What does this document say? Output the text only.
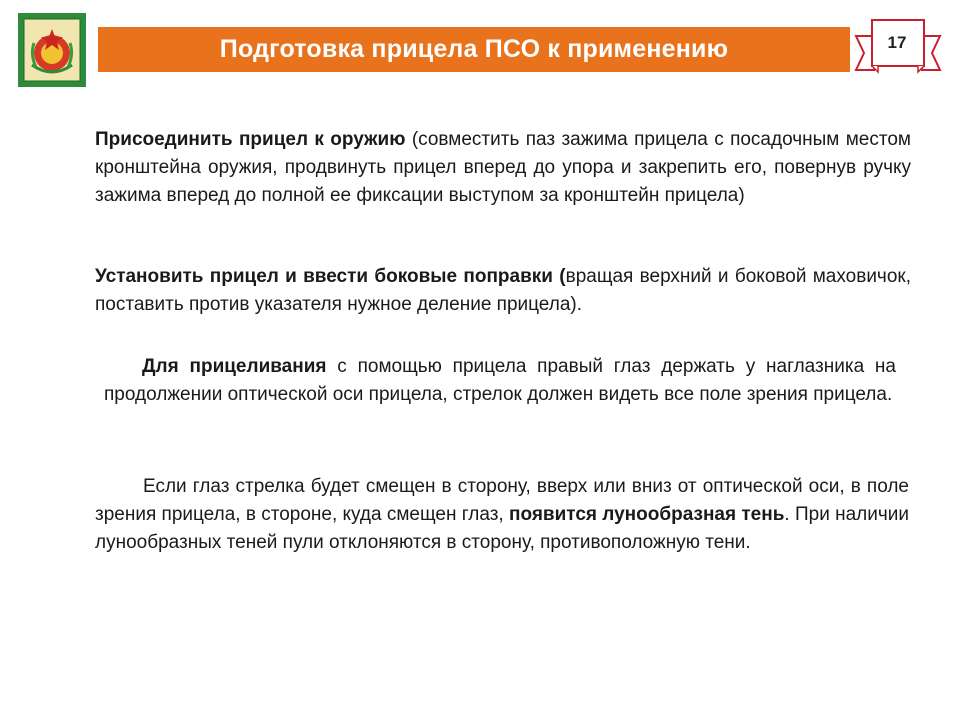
Подготовка прицела ПСО к применению	17
Присоединить прицел к оружию (совместить паз зажима прицела с посадочным местом кронштейна оружия, продвинуть прицел вперед до упора и закрепить его, повернув ручку зажима вперед до полной ее фиксации выступом за кронштейн прицела)
Установить прицел и ввести боковые поправки (вращая верхний и боковой маховичок, поставить против указателя нужное деление прицела).
Для прицеливания с помощью прицела правый глаз держать у наглазника на продолжении оптической оси прицела, стрелок должен видеть все поле зрения прицела.
Если глаз стрелка будет смещен в сторону, вверх или вниз от оптической оси, в поле зрения прицела, в стороне, куда смещен глаз, появится лунообразная тень. При наличии лунообразных теней пули отклоняются в сторону, противоположную тени.
